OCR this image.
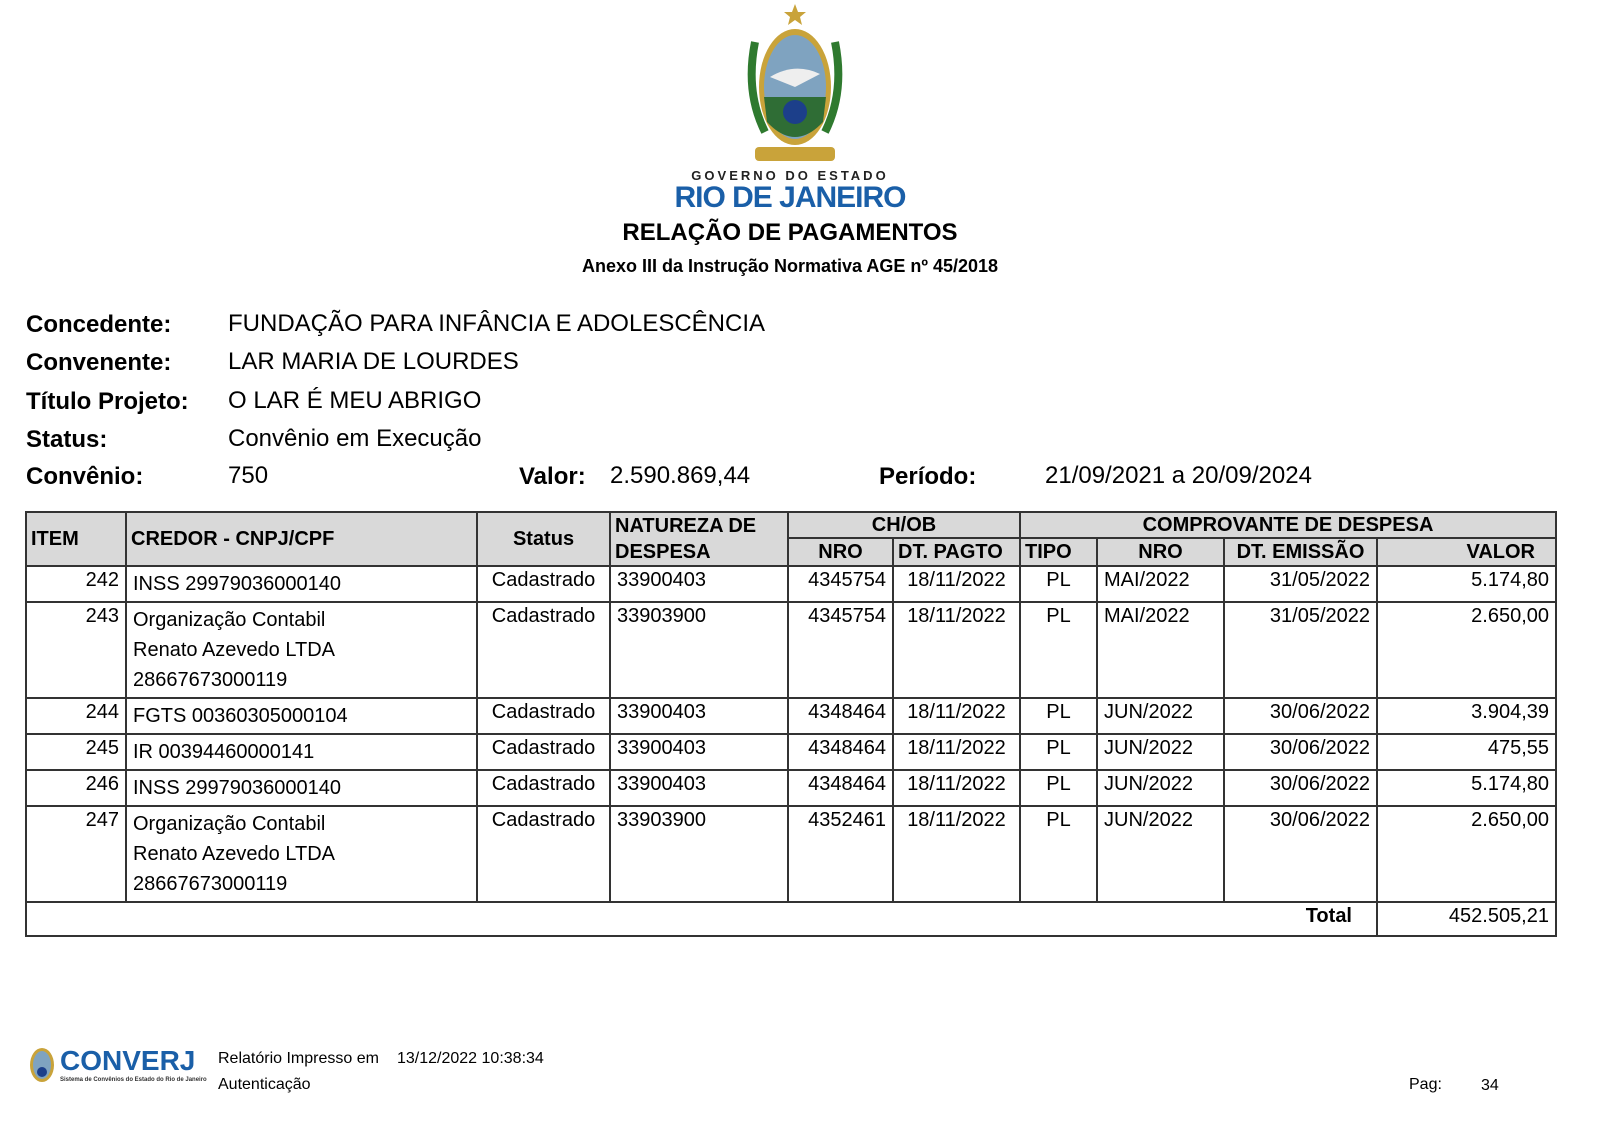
GOVERNO DO ESTADO
RIO DE JANEIRO
RELAÇÃO DE PAGAMENTOS
Anexo III da Instrução Normativa AGE nº 45/2018
Concedente: FUNDAÇÃO PARA INFÂNCIA E ADOLESCÊNCIA
Convenente: LAR MARIA DE LOURDES
Título Projeto: O LAR É MEU ABRIGO
Status:	Convênio em Execução
Convênio:	750	Valor: 2.590.869,44	Período:	21/09/2021 a 20/09/2024
ITEM	CREDOR - CNPJ/CPF	Status	NATUREZA DE DESPESA	CH/OB		COMPROVANTE DE DESPESA			
				NRO	DT. PAGTO	TIPO	NRO	DT. EMISSÃO	VALOR
242	INSS 29979036000140	Cadastrado	33900403	4345754	18/11/2022	PL	MAI/2022	31/05/2022	5.174,80
243	Organização Contabil
Renato Azevedo LTDA
28667673000119	Cadastrado	33903900	4345754	18/11/2022	PL	MAI/2022	31/05/2022	2.650,00
244	FGTS 00360305000104	Cadastrado	33900403	4348464	18/11/2022	PL	JUN/2022	30/06/2022	3.904,39
245	IR 00394460000141	Cadastrado	33900403	4348464	18/11/2022	PL	JUN/2022	30/06/2022	475,55
246	INSS 29979036000140	Cadastrado	33900403	4348464	18/11/2022	PL	JUN/2022	30/06/2022	5.174,80
247	Organização Contabil
Renato Azevedo LTDA
28667673000119	Cadastrado	33903900	4352461	18/11/2022	PL	JUN/2022	30/06/2022	2.650,00
Total									452.505,21
CONVERJ
Sistema de Convênios do Estado do Rio de Janeiro
Relatório Impresso em 13/12/2022 10:38:34
Autenticação	Pag: 34
